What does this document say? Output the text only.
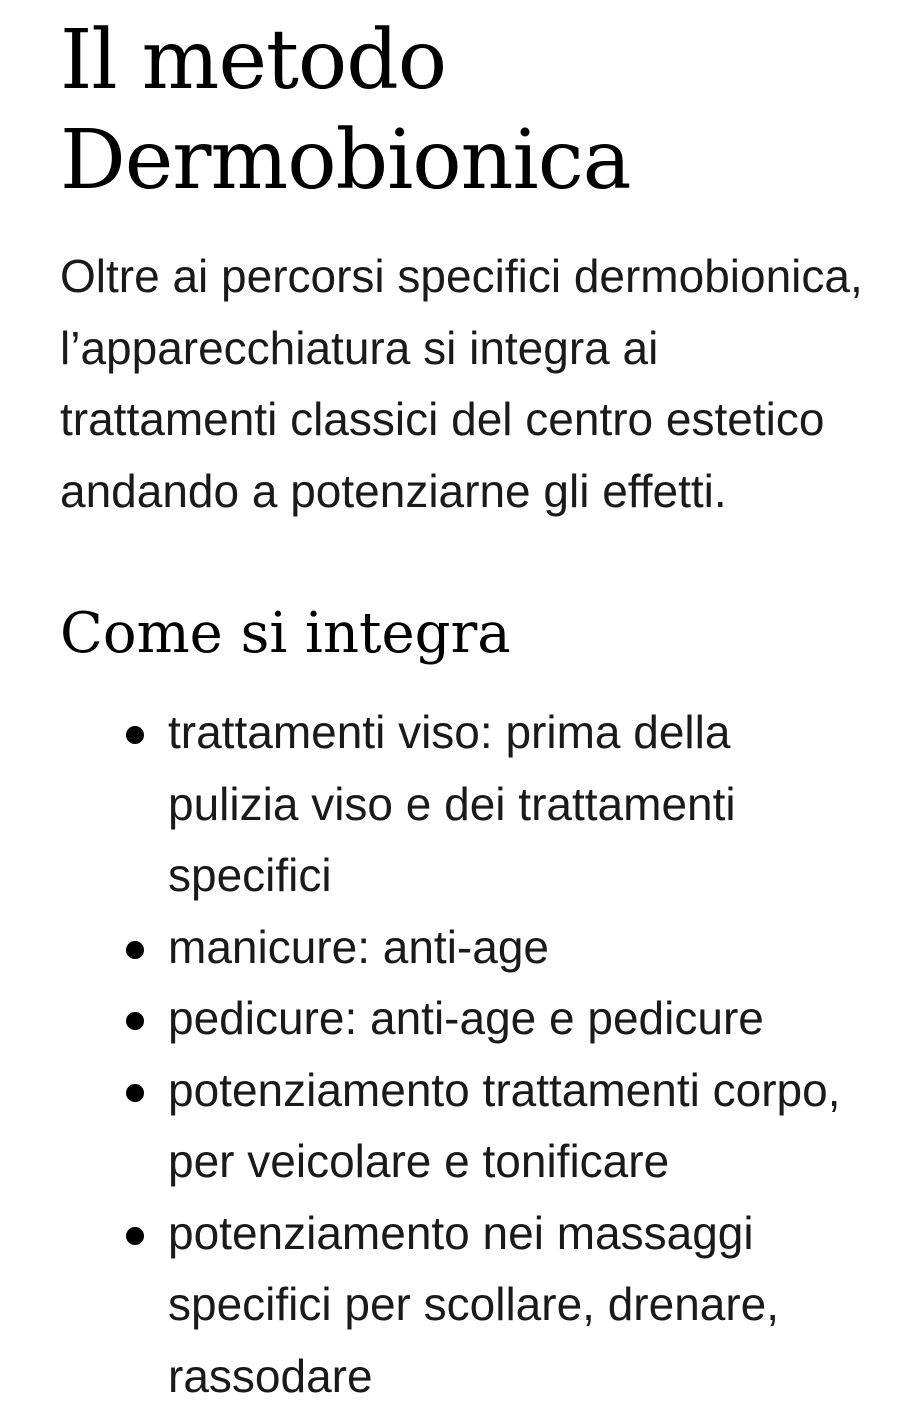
Il metodo Dermobionica

Oltre ai percorsi specifici dermobionica, l’apparecchiatura si integra ai trattamenti classici del centro estetico andando a potenziarne gli effetti.

Come si integra
trattamenti viso: prima della pulizia viso e dei trattamenti specifici
manicure: anti-age
pedicure: anti-age e pedicure
potenziamento trattamenti corpo, per veicolare e tonificare
potenziamento nei massaggi specifici per scollare, drenare, rassodare
